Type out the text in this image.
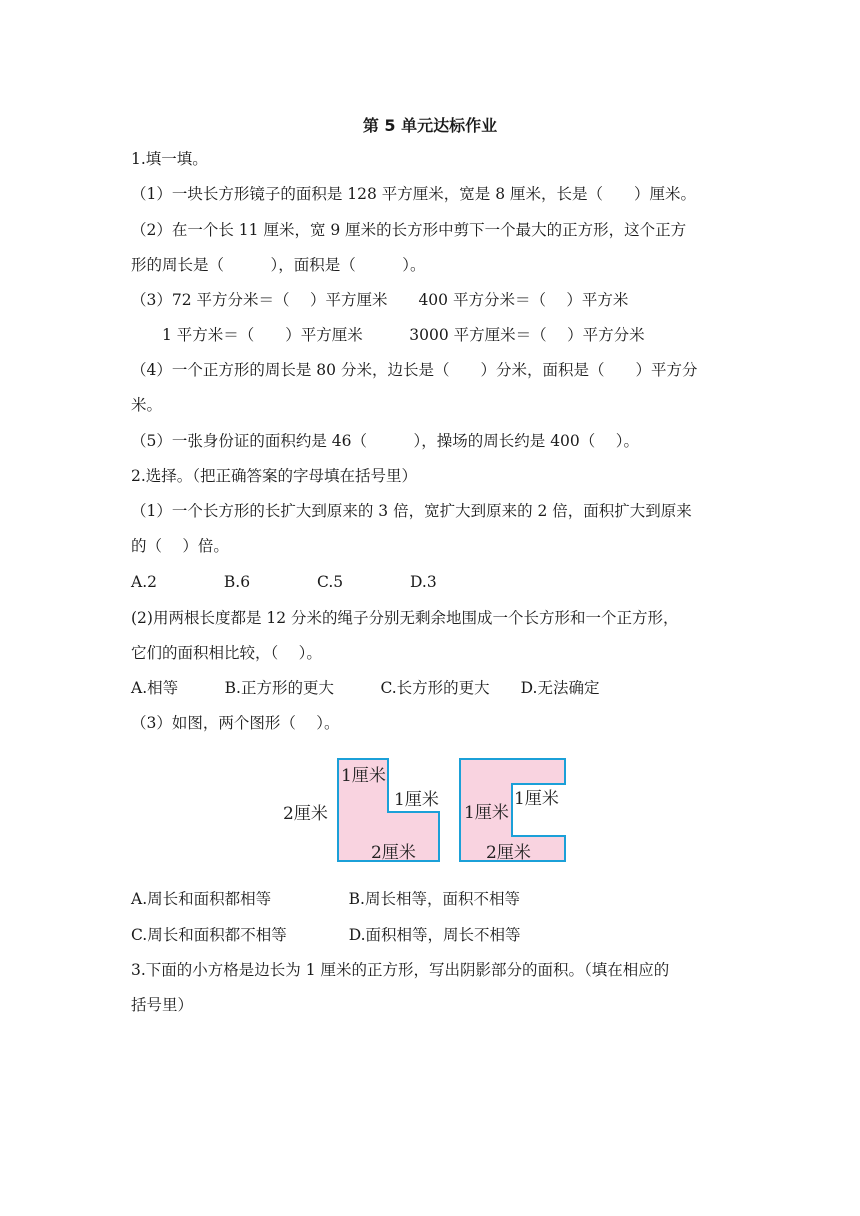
第 5 单元达标作业
1.填一填。
（1）一块长方形镜子的面积是 128 平方厘米，宽是 8 厘米，长是（　　）厘米。
（2）在一个长 11 厘米，宽 9 厘米的长方形中剪下一个最大的正方形，这个正方
形的周长是（　　　），面积是（　　　）。
（3）72 平方分米＝（　 ）平方厘米　　400 平方分米＝（　 ）平方米
　　1 平方米＝（　　）平方厘米　　　3000 平方厘米＝（　 ）平方分米
（4）一个正方形的周长是 80 分米，边长是（　　）分米，面积是（　　）平方分
米。
（5）一张身份证的面积约是 46（　　　），操场的周长约是 400（　 ）。
2.选择。（把正确答案的字母填在括号里）
（1）一个长方形的长扩大到原来的 3 倍，宽扩大到原来的 2 倍，面积扩大到原来
的（　 ）倍。
A.2　　　　 B.6　　　　 C.5　　　　 D.3
(2)用两根长度都是 12 分米的绳子分别无剩余地围成一个长方形和一个正方形，
它们的面积相比较，（　 ）。
A.相等　　　B.正方形的更大　　　C.长方形的更大　　D.无法确定
（3）如图，两个图形（　 ）。
1厘米
2厘米
1厘米
2厘米
1厘米
1厘米
2厘米
A.周长和面积都相等　　　　　B.周长相等，面积不相等
C.周长和面积都不相等　　　　D.面积相等，周长不相等
3.下面的小方格是边长为 1 厘米的正方形，写出阴影部分的面积。（填在相应的
括号里）
